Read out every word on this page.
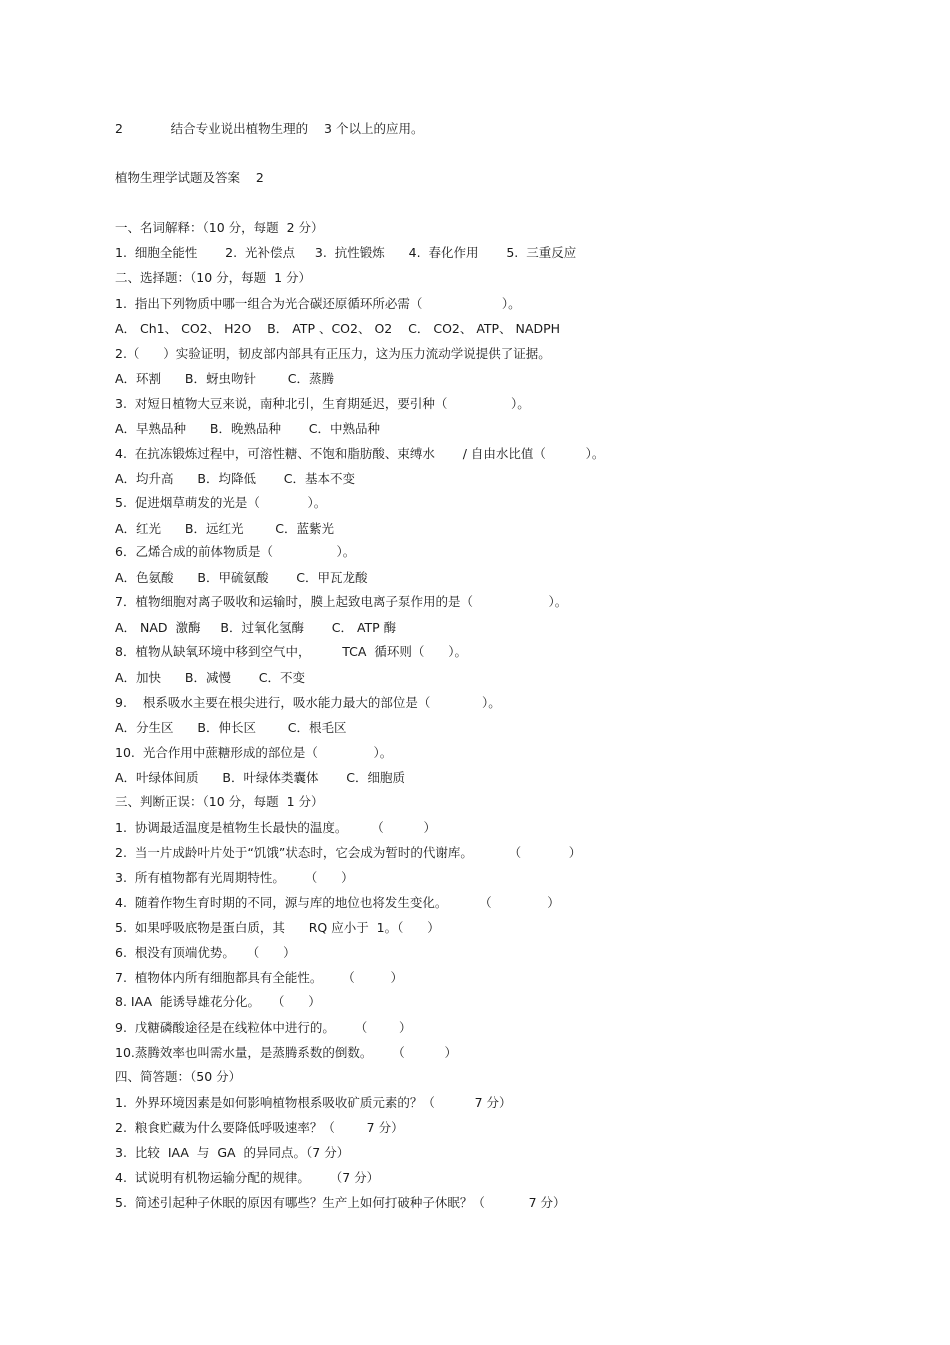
2            结合专业说出植物生理的    3 个以上的应用。
植物生理学试题及答案    2
一、名词解释：（10 分，每题  2 分）
1.  细胞全能性       2.  光补偿点     3.  抗性锻炼      4.  春化作用       5.  三重反应
二、选择题：（10 分，每题  1 分）
1.  指出下列物质中哪一组合为光合碳还原循环所必需（                    ）。
A． Ch1、 CO2、 H2O    B． ATP 、CO2、 O2    C． CO2、 ATP、 NADPH
2.（      ）实验证明，韧皮部内部具有正压力，这为压力流动学说提供了证据。
A．环割      B．蚜虫吻针        C．蒸腾
3.  对短日植物大豆来说，南种北引，生育期延迟，要引种（                ）。
A．早熟品种      B．晚熟品种       C．中熟品种
4.  在抗冻锻炼过程中，可溶性糖、不饱和脂肪酸、束缚水       / 自由水比值（          ）。
A．均升高      B．均降低       C．基本不变
5.  促进烟草萌发的光是（            ）。
A．红光      B．远红光        C．蓝紫光
6．乙烯合成的前体物质是（                ）。
A．色氨酸      B．甲硫氨酸       C．甲瓦龙酸
7．植物细胞对离子吸收和运输时，膜上起致电离子泵作用的是（                   ）。
A． NAD  激酶     B．过氧化氢酶       C． ATP 酶
8．植物从缺氧环境中移到空气中，        TCA  循环则（      ）。
A．加快      B．减慢       C．不变
9.    根系吸水主要在根尖进行，吸水能力最大的部位是（             ）。
A．分生区      B．伸长区        C．根毛区
10.  光合作用中蔗糖形成的部位是（              ）。
A．叶绿体间质      B．叶绿体类囊体       C．细胞质
三、判断正误：（10 分，每题  1 分）
1.  协调最适温度是植物生长最快的温度。      （          ）
2.  当一片成龄叶片处于“饥饿”状态时，它会成为暂时的代谢库。         （            ）
3.  所有植物都有光周期特性。     （      ）
4.  随着作物生育时期的不同，源与库的地位也将发生变化。        （              ）
5.  如果呼吸底物是蛋白质，其      RQ 应小于  1。（      ）
6.  根没有顶端优势。   （      ）
7.  植物体内所有细胞都具有全能性。     （         ）
8. IAA  能诱导雄花分化。   （      ）
9.  戊糖磷酸途径是在线粒体中进行的。     （        ）
10.蒸腾效率也叫需水量，是蒸腾系数的倒数。     （          ）
四、简答题：（50 分）
1.  外界环境因素是如何影响植物根系吸收矿质元素的？（          7 分）
2.  粮食贮藏为什么要降低呼吸速率？（        7 分）
3.  比较  IAA  与  GA  的异同点。（7 分）
4.  试说明有机物运输分配的规律。     （7 分）
5.  简述引起种子休眠的原因有哪些？生产上如何打破种子休眠？（           7 分）
